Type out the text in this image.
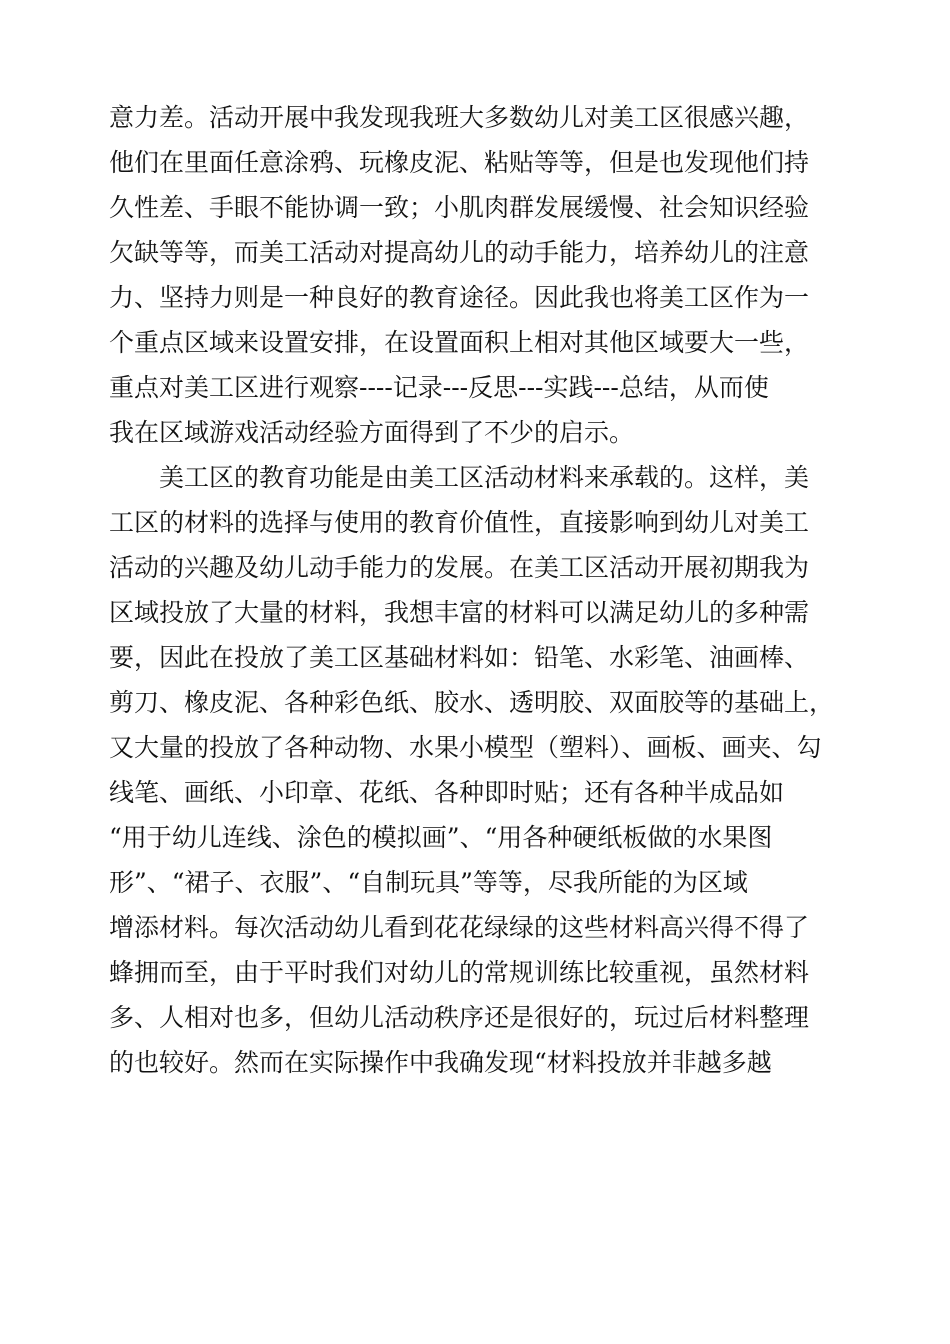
意力差。活动开展中我发现我班大多数幼儿对美工区很感兴趣，
他们在里面任意涂鸦、玩橡皮泥、粘贴等等，但是也发现他们持
久性差、手眼不能协调一致；小肌肉群发展缓慢、社会知识经验
欠缺等等，而美工活动对提高幼儿的动手能力，培养幼儿的注意
力、坚持力则是一种良好的教育途径。因此我也将美工区作为一
个重点区域来设置安排，在设置面积上相对其他区域要大一些，
重点对美工区进行观察----记录---反思---实践---总结，从而使
我在区域游戏活动经验方面得到了不少的启示。
美工区的教育功能是由美工区活动材料来承载的。这样，美
工区的材料的选择与使用的教育价值性，直接影响到幼儿对美工
活动的兴趣及幼儿动手能力的发展。在美工区活动开展初期我为
区域投放了大量的材料，我想丰富的材料可以满足幼儿的多种需
要，因此在投放了美工区基础材料如：铅笔、水彩笔、油画棒、
剪刀、橡皮泥、各种彩色纸、胶水、透明胶、双面胶等的基础上，
又大量的投放了各种动物、水果小模型（塑料）、画板、画夹、勾
线笔、画纸、小印章、花纸、各种即时贴；还有各种半成品如
“用于幼儿连线、涂色的模拟画”、“用各种硬纸板做的水果图
形”、“裙子、衣服”、“自制玩具”等等，尽我所能的为区域
增添材料。每次活动幼儿看到花花绿绿的这些材料高兴得不得了
蜂拥而至，由于平时我们对幼儿的常规训练比较重视，虽然材料
多、人相对也多，但幼儿活动秩序还是很好的，玩过后材料整理
的也较好。然而在实际操作中我确发现“材料投放并非越多越
